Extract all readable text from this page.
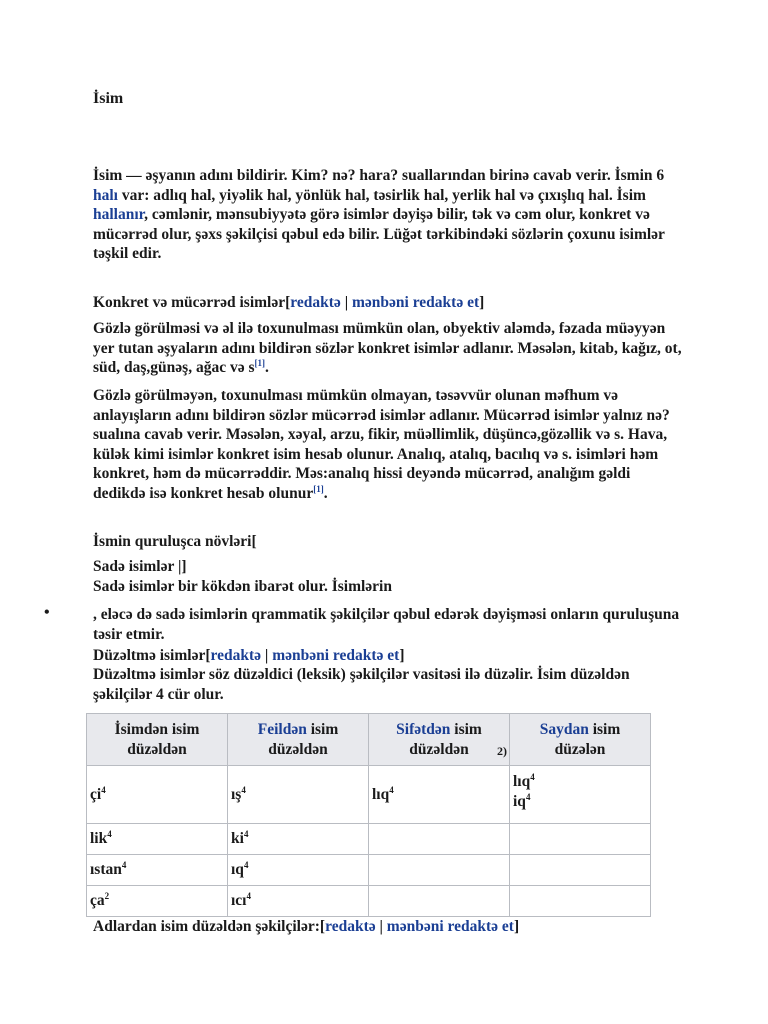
İsim
İsim — əşyanın adını bildirir. Kim? nə? hara? suallarından birinə cavab verir. İsmin 6 halı var: adlıq hal, yiyəlik hal, yönlük hal, təsirlik hal, yerlik hal və çıxışlıq hal. İsim hallanır, cəmlənir, mənsubiyyətə görə isimlər dəyişə bilir, tək və cəm olur, konkret və mücərrəd olur, şəxs şəkilçisi qəbul edə bilir. Lüğət tərkibindəki sözlərin çoxunu isimlər təşkil edir.
Konkret və mücərrəd isimlər[redaktə | mənbəni redaktə et]
Gözlə görülməsi və əl ilə toxunulması mümkün olan, obyektiv aləmdə, fəzada müəyyən yer tutan əşyaların adını bildirən sözlər konkret isimlər adlanır. Məsələn, kitab, kağız, ot, süd, daş,günəş, ağac və s[1].
Gözlə görülməyən, toxunulması mümkün olmayan, təsəvvür olunan məfhum və anlayışların adını bildirən sözlər mücərrəd isimlər adlanır. Mücərrəd isimlər yalnız nə? sualına cavab verir. Məsələn, xəyal, arzu, fikir, müəllimlik, düşüncə,gözəllik və s. Hava, külək kimi isimlər konkret isim hesab olunur. Analıq, atalıq, bacılıq və s. isimləri həm konkret, həm də mücərrəddir. Məs:analıq hissi deyəndə mücərrəd, analığım gəldi dedikdə isə konkret hesab olunur[1].
İsmin quruluşca növləri[
Sadə isimlər |]
Sadə isimlər bir kökdən ibarət olur. İsimlərin
•	, eləcə də sadə isimlərin qrammatik şəkilçilər qəbul edərək dəyişməsi onların quruluşuna təsir etmir.
Düzəltmə isimlər[redaktə | mənbəni redaktə et]
Düzəltmə isimlər söz düzəldici (leksik) şəkilçilər vasitəsi ilə düzəlir. İsim düzəldən şəkilçilər 4 cür olur.
İsimdən isim düzəldən	Feildən isim düzəldən	Sifətdən isim düzəldən 2)	Saydan isim düzələn
$çi^4$	$ış^4$	lıq$^4$	lıq$^4$
$iq^4$
lik$^4$	$ki^4$		
ıstan$^4$	$ıq^4$		
$ça^2$	ıcı$^4$		
Adlardan isim düzəldən şəkilçilər:[redaktə | mənbəni redaktə et]
